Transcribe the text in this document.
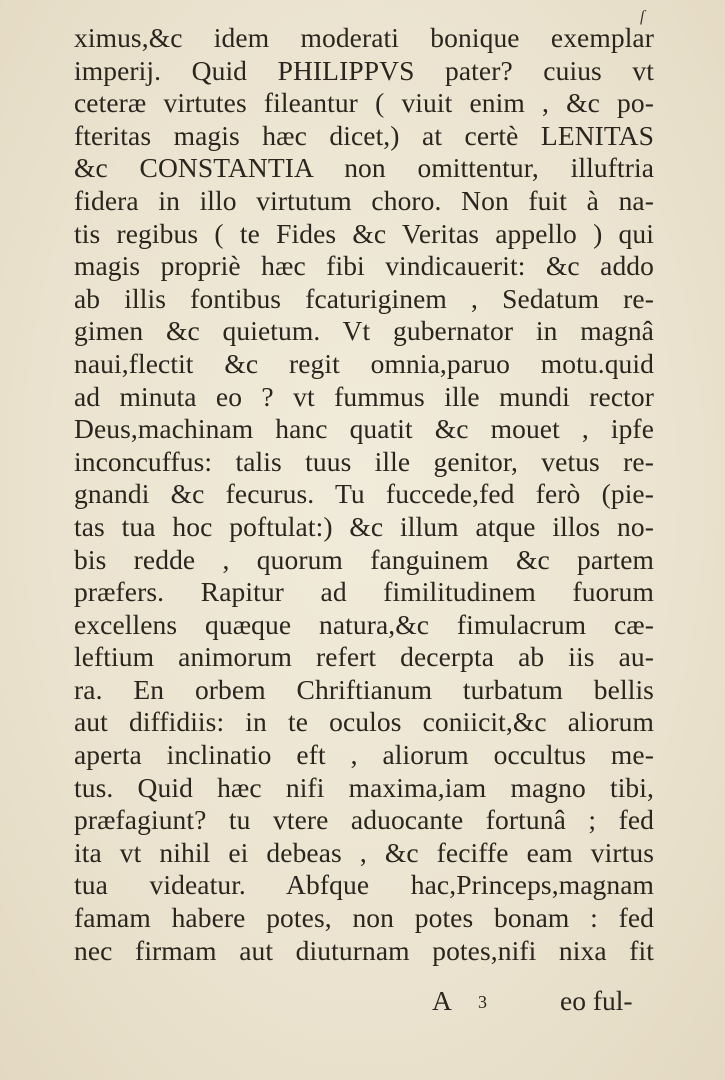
ſ
ximus,&c idem moderati bonique exemplar
imperij. Quid PHILIPPVS pater? cuius vt
ceteræ virtutes fileantur ( viuit enim , &c po-
fteritas magis hæc dicet,) at certè LENITAS
&c CONSTANTIA non omittentur, illuftria
fidera in illo virtutum choro. Non fuit à na-
tis regibus ( te Fides &c Veritas appello ) qui
magis propriè hæc fibi vindicauerit: &c addo
ab illis fontibus fcaturiginem , Sedatum re-
gimen &c quietum. Vt gubernator in magnâ
naui,flectit &c regit omnia,paruo motu.quid
ad minuta eo ? vt fummus ille mundi rector
Deus,machinam hanc quatit &c mouet , ipfe
inconcuffus: talis tuus ille genitor, vetus re-
gnandi &c fecurus. Tu fuccede,fed ferò (pie-
tas tua hoc poftulat:) &c illum atque illos no-
bis redde , quorum fanguinem &c partem
præfers. Rapitur ad fimilitudinem fuorum
excellens quæque natura,&c fimulacrum cæ-
leftium animorum refert decerpta ab iis au-
ra. En orbem Chriftianum turbatum bellis
aut diffidiis: in te oculos coniicit,&c aliorum
aperta inclinatio eft , aliorum occultus me-
tus. Quid hæc nifi maxima,iam magno tibi,
præfagiunt? tu vtere aduocante fortunâ ; fed
ita vt nihil ei debeas , &c feciffe eam virtus
tua videatur. Abfque hac,Princeps,magnam
famam habere potes, non potes bonam : fed
nec firmam aut diuturnam potes,nifi nixa fit
A 3	eo ful-
